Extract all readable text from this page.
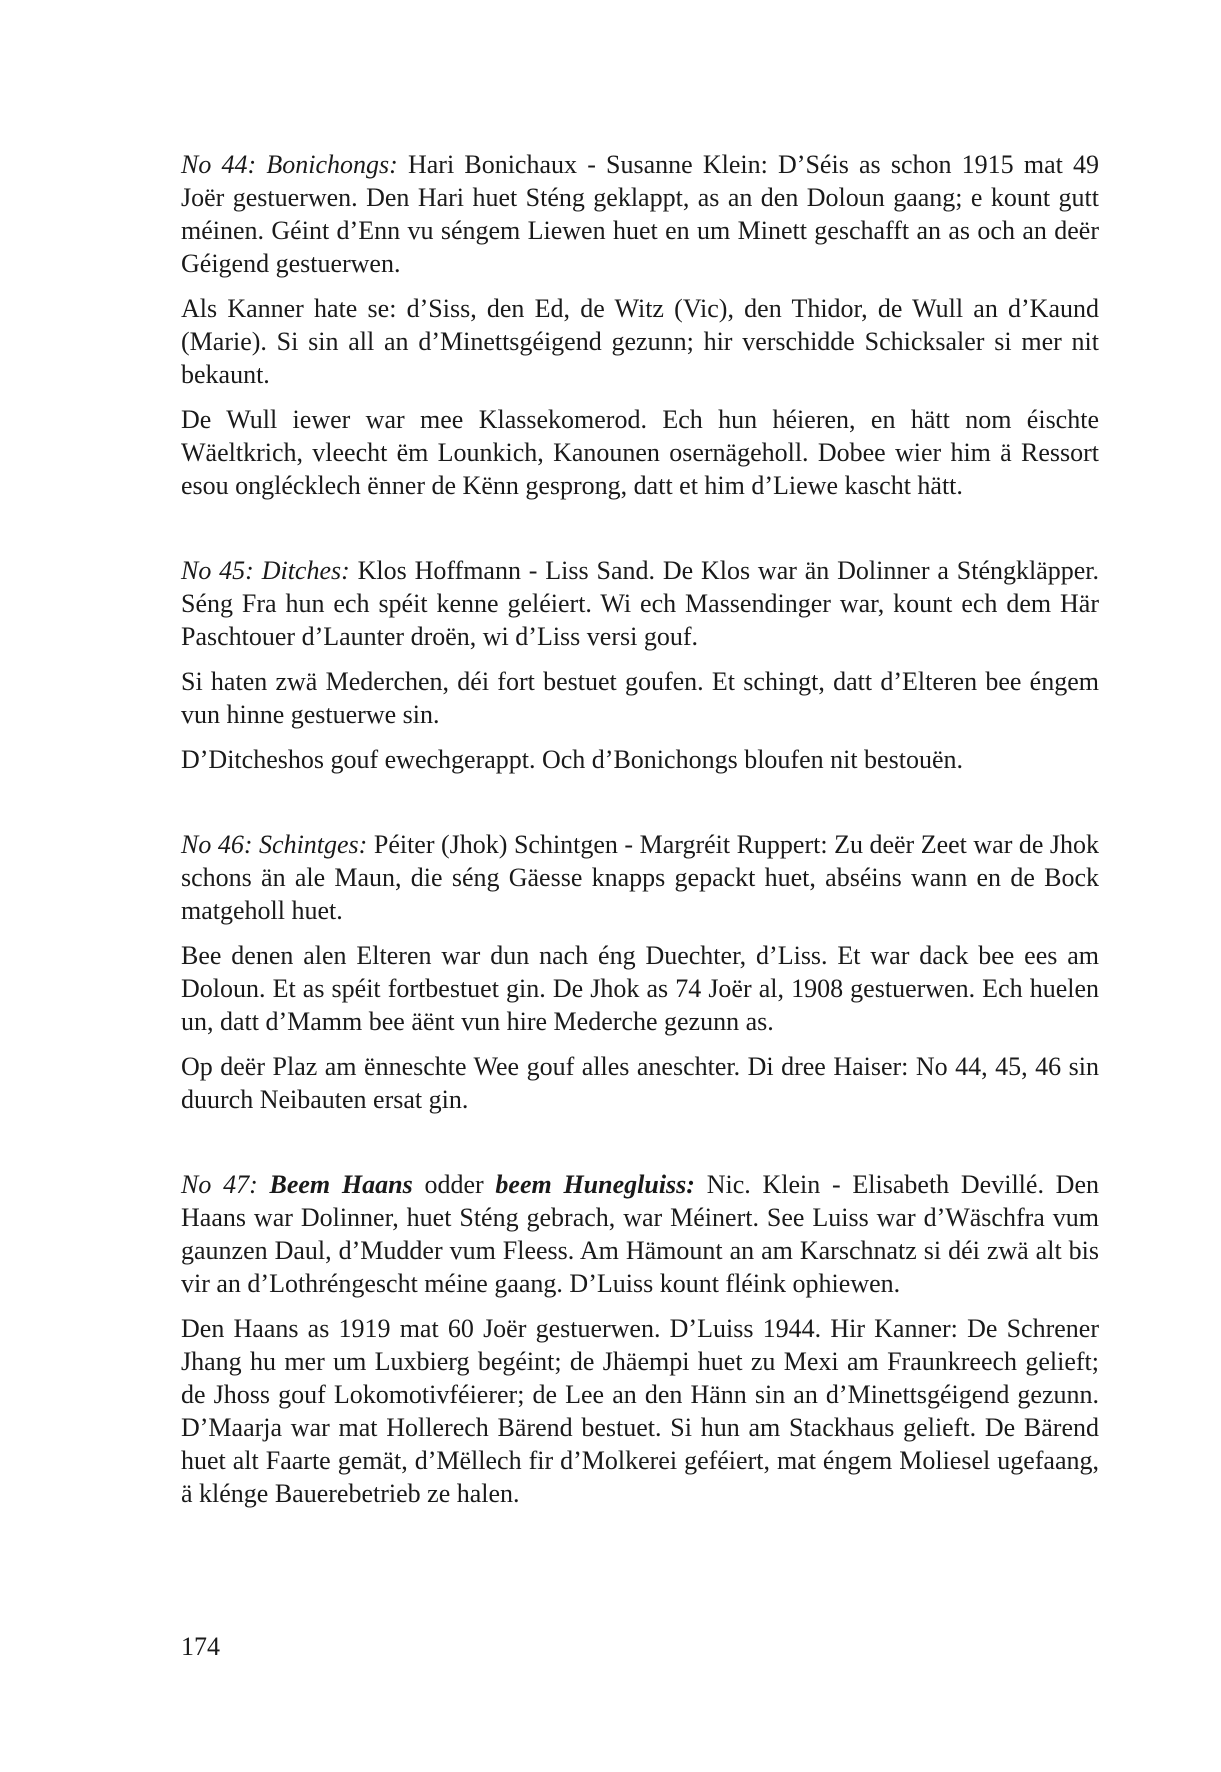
No 44: Bonichongs: Hari Bonichaux - Susanne Klein: D’Séis as schon 1915 mat 49 Joër gestuerwen. Den Hari huet Sténg geklappt, as an den Doloun gaang; e kount gutt méinen. Géint d’Enn vu séngem Liewen huet en um Minett geschafft an as och an deër Géigend gestuerwen.

Als Kanner hate se: d’Siss, den Ed, de Witz (Vic), den Thidor, de Wull an d’Kaund (Marie). Si sin all an d’Minettsgéigend gezunn; hir verschidde Schicksaler si mer nit bekaunt.

De Wull iewer war mee Klassekomerod. Ech hun héieren, en hätt nom éischte Wäeltkrich, vleecht ëm Lounkich, Kanounen osernägeholl. Dobee wier him ä Ressort esou onglécklech ënner de Kënn gesprong, datt et him d’Liewe kascht hätt.

No 45: Ditches: Klos Hoffmann - Liss Sand. De Klos war än Dolinner a Sténgkläpper. Séng Fra hun ech spéit kenne geléiert. Wi ech Massendinger war, kount ech dem Här Paschtouer d’Launter droën, wi d’Liss versi gouf.

Si haten zwä Mederchen, déi fort bestuet goufen. Et schingt, datt d’Elteren bee éngem vun hinne gestuerwe sin.

D’Ditcheshos gouf ewechgerappt. Och d’Bonichongs bloufen nit bestouën.

No 46: Schintges: Péiter (Jhok) Schintgen - Margréit Ruppert: Zu deër Zeet war de Jhok schons än ale Maun, die séng Gäesse knapps gepackt huet, abséins wann en de Bock matgeholl huet.

Bee denen alen Elteren war dun nach éng Duechter, d’Liss. Et war dack bee ees am Doloun. Et as spéit fortbestuet gin. De Jhok as 74 Joër al, 1908 gestuerwen. Ech huelen un, datt d’Mamm bee äënt vun hire Mederche gezunn as.

Op deër Plaz am ënneschte Wee gouf alles aneschter. Di dree Haiser: No 44, 45, 46 sin duurch Neibauten ersat gin.

No 47: Beem Haans odder beem Hunegluiss: Nic. Klein - Elisabeth Devillé. Den Haans war Dolinner, huet Sténg gebrach, war Méinert. See Luiss war d’Wäschfra vum gaunzen Daul, d’Mudder vum Fleess. Am Hämount an am Karschnatz si déi zwä alt bis vir an d’Lothréngescht méine gaang. D’Luiss kount fléink ophiewen.

Den Haans as 1919 mat 60 Joër gestuerwen. D’Luiss 1944. Hir Kanner: De Schrener Jhang hu mer um Luxbierg begéint; de Jhäempi huet zu Mexi am Fraunkreech gelieft; de Jhoss gouf Lokomotivféierer; de Lee an den Hänn sin an d’Minettsgéigend gezunn. D’Maarja war mat Hollerech Bärend bestuet. Si hun am Stackhaus gelieft. De Bärend huet alt Faarte gemät, d’Mëllech fir d’Molkerei geféiert, mat éngem Moliesel ugefaang, ä klénge Bauerebetrieb ze halen.

174
